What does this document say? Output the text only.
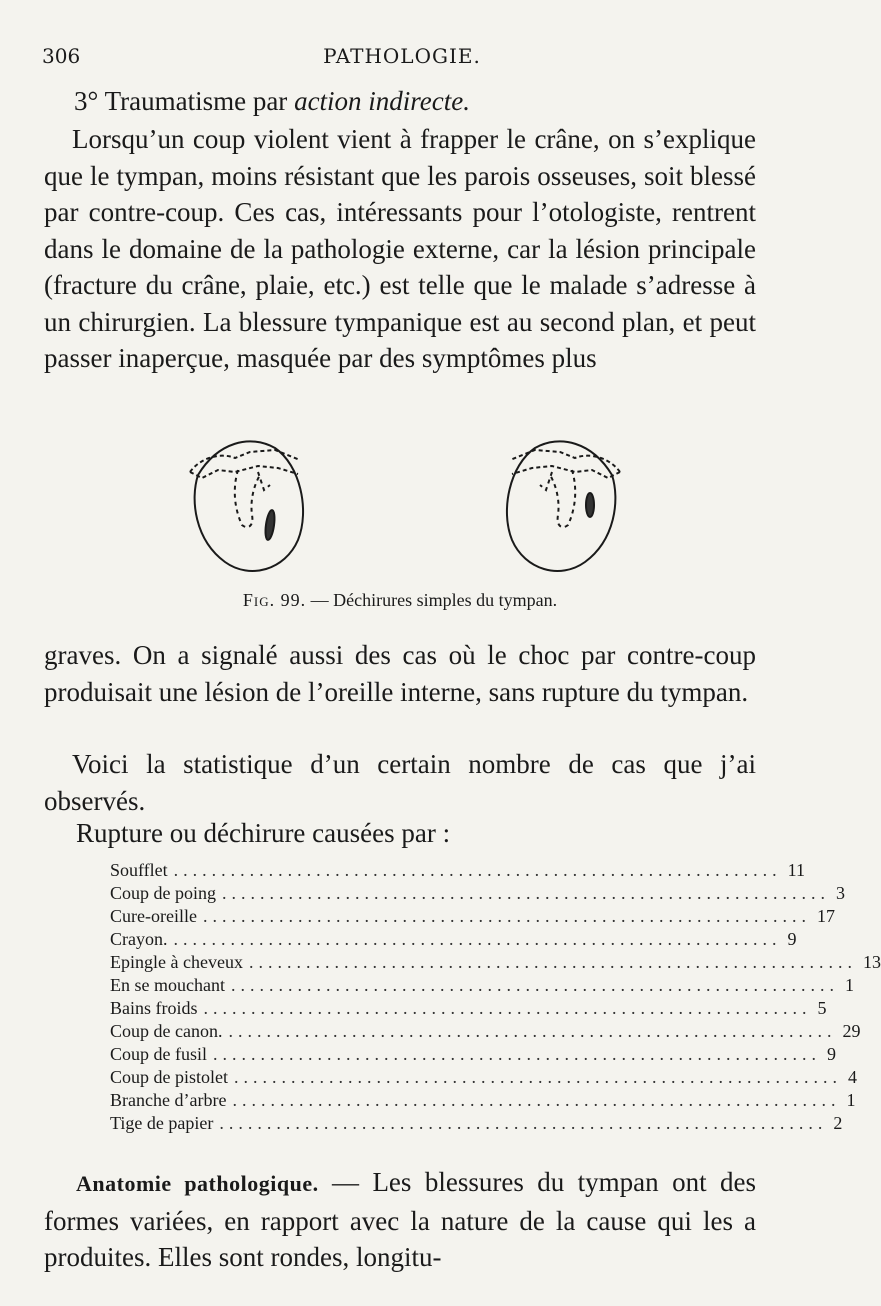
306	PATHOLOGIE.
3° Traumatisme par action indirecte.
Lorsqu’un coup violent vient à frapper le crâne, on s’explique que le tympan, moins résistant que les parois osseuses, soit blessé par contre-coup. Ces cas, intéressants pour l’otologiste, rentrent dans le domaine de la pathologie externe, car la lésion principale (fracture du crâne, plaie, etc.) est telle que le malade s’adresse à un chirurgien. La blessure tympanique est au second plan, et peut passer inaperçue, masquée par des symptômes plus
Fig. 99. — Déchirures simples du tympan.
graves. On a signalé aussi des cas où le choc par contre-coup produisait une lésion de l’oreille interne, sans rupture du tympan.
Voici la statistique d’un certain nombre de cas que j’ai observés.
Rupture ou déchirure causées par :
Soufflet ................................................................ 11
Coup de poing ................................................................ 3
Cure-oreille ................................................................ 17
Crayon. ................................................................ 9
Epingle à cheveux ................................................................ 13
En se mouchant ................................................................ 1
Bains froids ................................................................ 5
Coup de canon. ................................................................ 29
Coup de fusil ................................................................ 9
Coup de pistolet ................................................................ 4
Branche d’arbre ................................................................ 1
Tige de papier ................................................................ 2
Anatomie pathologique. — Les blessures du tympan ont des formes variées, en rapport avec la nature de la cause qui les a produites. Elles sont rondes, longitu-
